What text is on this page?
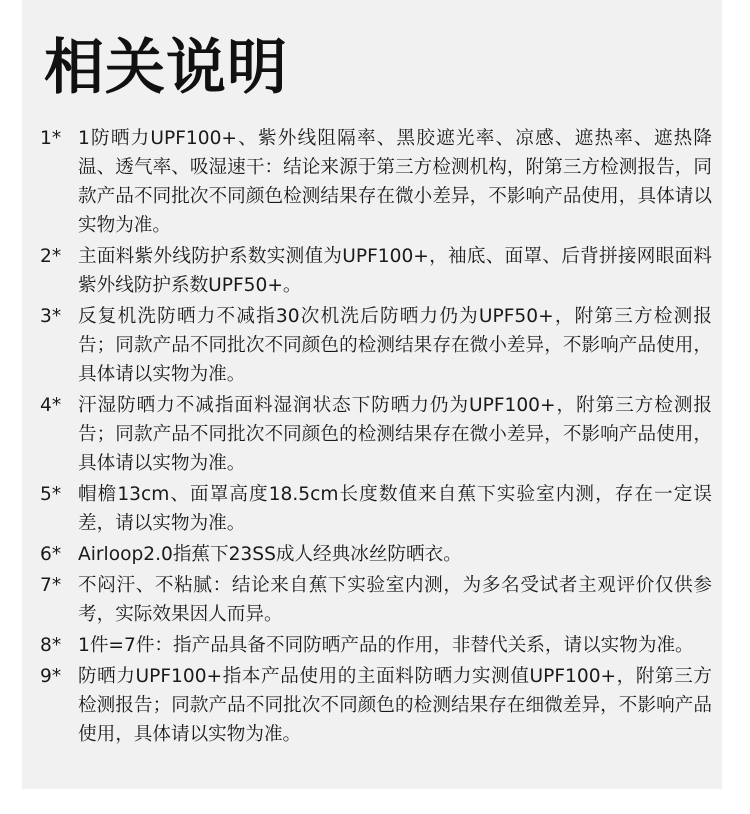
相关说明
1* 1防晒力UPF100+、紫外线阻隔率、黑胶遮光率、凉感、遮热率、遮热降温、透气率、吸湿速干：结论来源于第三方检测机构，附第三方检测报告，同款产品不同批次不同颜色检测结果存在微小差异，不影响产品使用，具体请以实物为准。
2* 主面料紫外线防护系数实测值为UPF100+，袖底、面罩、后背拼接网眼面料紫外线防护系数UPF50+。
3* 反复机洗防晒力不减指30次机洗后防晒力仍为UPF50+，附第三方检测报告；同款产品不同批次不同颜色的检测结果存在微小差异，不影响产品使用，具体请以实物为准。
4* 汗湿防晒力不减指面料湿润状态下防晒力仍为UPF100+，附第三方检测报告；同款产品不同批次不同颜色的检测结果存在微小差异，不影响产品使用，具体请以实物为准。
5* 帽檐13cm、面罩高度18.5cm长度数值来自蕉下实验室内测，存在一定误差，请以实物为准。
6* Airloop2.0指蕉下23SS成人经典冰丝防晒衣。
7* 不闷汗、不粘腻：结论来自蕉下实验室内测，为多名受试者主观评价仅供参考，实际效果因人而异。
8* 1件=7件：指产品具备不同防晒产品的作用，非替代关系，请以实物为准。
9* 防晒力UPF100+指本产品使用的主面料防晒力实测值UPF100+，附第三方检测报告；同款产品不同批次不同颜色的检测结果存在细微差异，不影响产品使用，具体请以实物为准。
